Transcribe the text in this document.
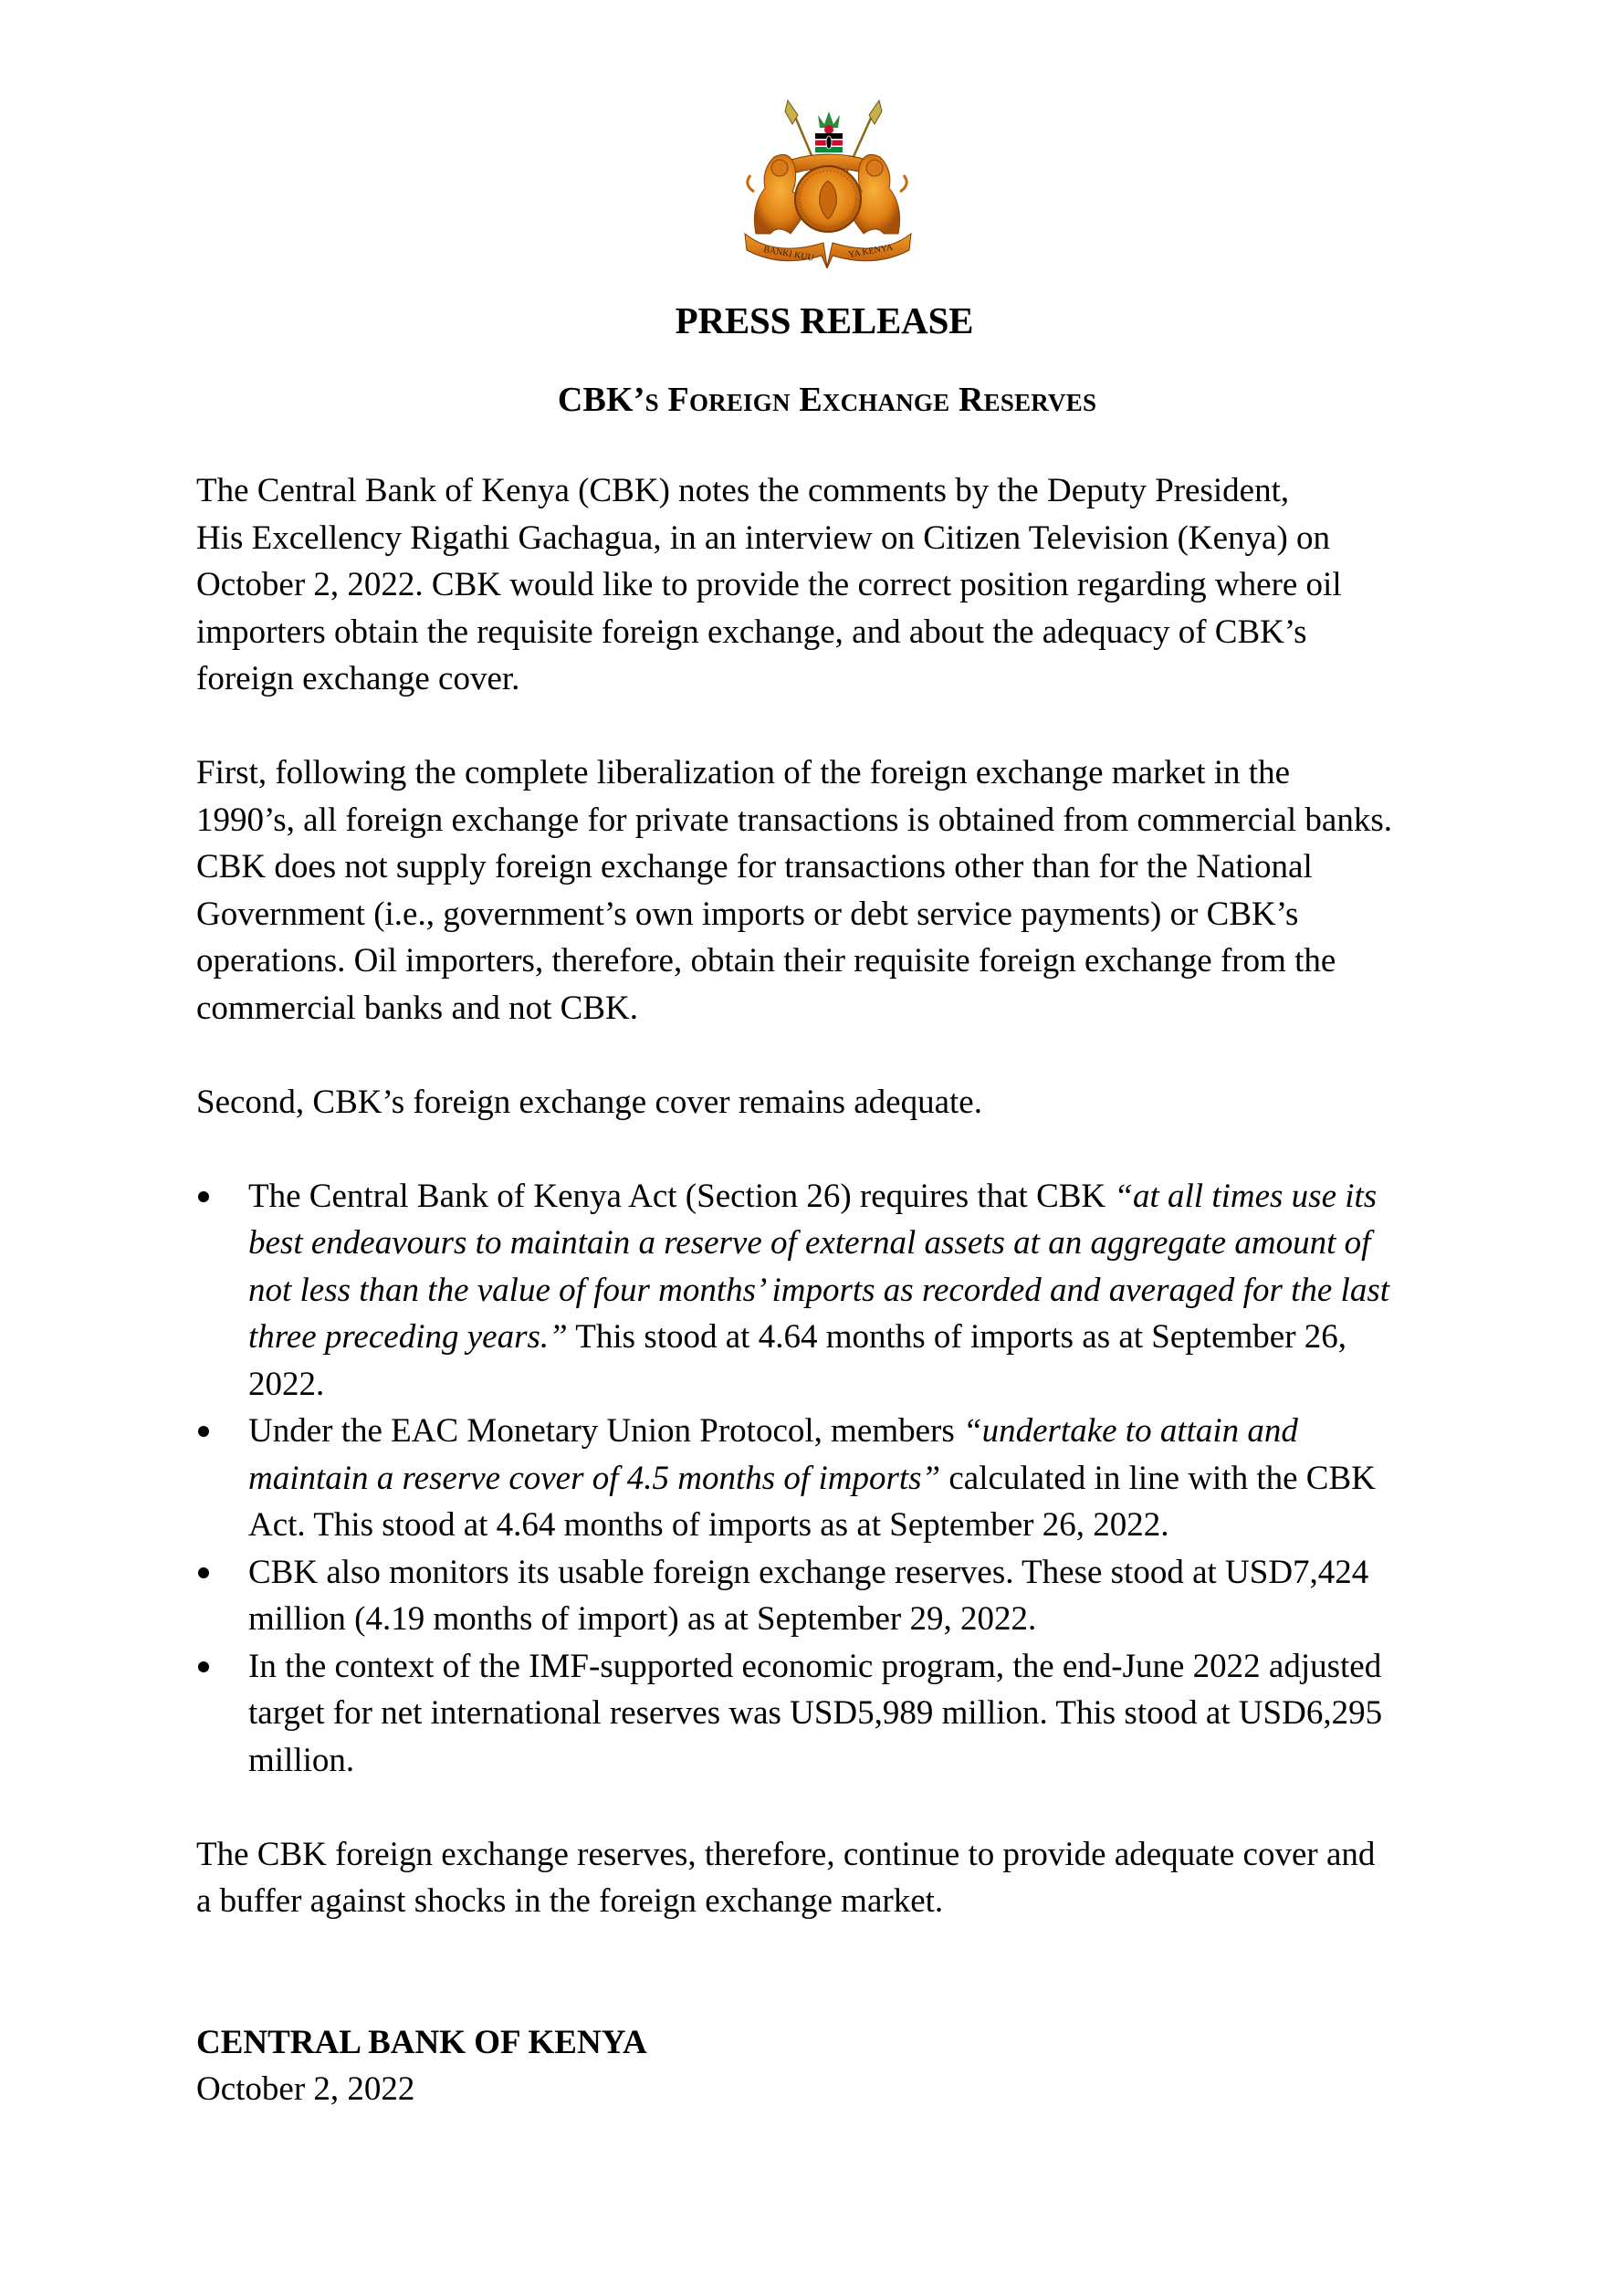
BANKI KUU	YA KENYA
PRESS RELEASE
CBK’s Foreign Exchange Reserves

The Central Bank of Kenya (CBK) notes the comments by the Deputy President,
His Excellency Rigathi Gachagua, in an interview on Citizen Television (Kenya) on
October 2, 2022. CBK would like to provide the correct position regarding where oil
importers obtain the requisite foreign exchange, and about the adequacy of CBK’s
foreign exchange cover.

First, following the complete liberalization of the foreign exchange market in the
1990’s, all foreign exchange for private transactions is obtained from commercial banks.
CBK does not supply foreign exchange for transactions other than for the National
Government (i.e., government’s own imports or debt service payments) or CBK’s
operations. Oil importers, therefore, obtain their requisite foreign exchange from the
commercial banks and not CBK.

Second, CBK’s foreign exchange cover remains adequate.

The Central Bank of Kenya Act (Section 26) requires that CBK “at all times use its
best endeavours to maintain a reserve of external assets at an aggregate amount of
not less than the value of four months’ imports as recorded and averaged for the last
three preceding years.” This stood at 4.64 months of imports as at September 26,
2022.
Under the EAC Monetary Union Protocol, members “undertake to attain and
maintain a reserve cover of 4.5 months of imports” calculated in line with the CBK
Act. This stood at 4.64 months of imports as at September 26, 2022.
CBK also monitors its usable foreign exchange reserves. These stood at USD7,424
million (4.19 months of import) as at September 29, 2022.
In the context of the IMF-supported economic program, the end-June 2022 adjusted
target for net international reserves was USD5,989 million. This stood at USD6,295
million.

The CBK foreign exchange reserves, therefore, continue to provide adequate cover and
a buffer against shocks in the foreign exchange market.

CENTRAL BANK OF KENYA
October 2, 2022
